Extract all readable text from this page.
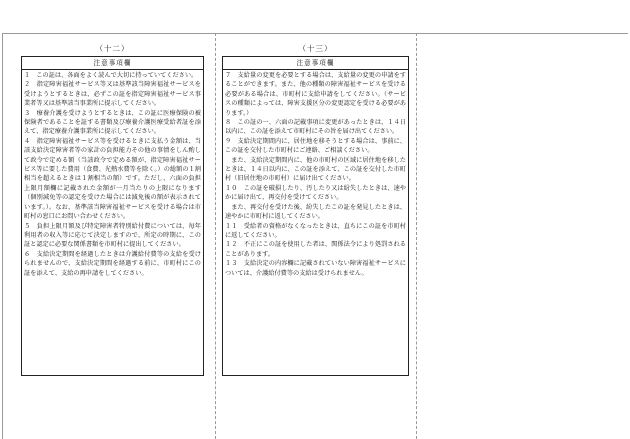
（十二）
注意事項欄

１　この証は、各面をよく読んで大切に持っていてください。

２　指定障害福祉サービス等又は基準該当障害福祉サービスを受けようとするときは、必ずこの証を指定障害福祉サービス事業者等又は基準該当事業所に提示してください。

３　療養介護を受けようとするときは、この証に医療保険の被保険者であることを証する書類及び療養介護医療受給者証を添えて、指定療養介護事業所に提示してください。

４　指定障害福祉サービス等を受けるときに支払う金額は、当該支給決定障害者等の家計の負担能力その他の事情をしん酌して政令で定める額（当該政令で定める額が、指定障害福祉サービス等に要した費用（食費、光熱水費等を除く。）の総額の１割相当を超えるときは１割相当の額）です。ただし、六面の負担上限月額欄に記載された金額が一月当たりの上限になります（個別減免等の認定を受けた場合には減免後の額が表示されています。）。なお、基準該当障害福祉サービスを受ける場合は市町村の窓口にお問い合わせください。

５　負担上限月額及び特定障害者特別給付費については、毎年利用者の収入等に応じて決定しますので、所定の時期に、この証と認定に必要な関係書類を市町村に提出してください。

６　支給決定期間を経過したときは介護給付費等の支給を受けられませんので、支給決定期間を経過する前に、市町村にこの証を添えて、支給の再申請をしてください。

（十三）
注意事項欄

７　支給量の変更を必要とする場合は、支給量の変更の申請をすることができます。また、他の種類の障害福祉サービスを受ける必要がある場合は、市町村に支給申請をしてください。（サービスの種類によっては、障害支援区分の変更認定を受ける必要があります。）

８　この証の一、六面の記載事項に変更があったときは、１４日以内に、この証を添えて市町村にその旨を届け出てください。

９　支給決定期間内に、居住地を移そうとする場合は、事前に、この証を交付した市町村にご連絡、ご相談ください。

　また、支給決定期間内に、他の市町村の区域に居住地を移したときは、１４日以内に、この証を添えて、この証を交付した市町村（旧居住地の市町村）に届け出てください。

１０　この証を破損したり、汚したり又は紛失したときは、速やかに届け出て、再交付を受けてください。

　また、再交付を受けた後、紛失したこの証を発見したときは、速やかに市町村に返してください。

１１　受給者の資格がなくなったときは、直ちにこの証を市町村に返してください。

１２　不正にこの証を使用した者は、関係法令により処罰されることがあります。

１３　支給決定の内容欄に記載されていない障害福祉サービスについては、介護給付費等の支給は受けられません。
